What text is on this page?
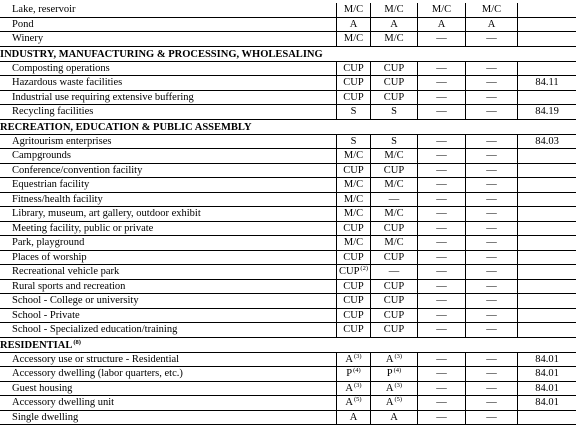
Lake, reservoir	M/C	M/C	M/C	M/C
Pond	A	A	A	A
Winery	M/C	M/C	—	—
INDUSTRY, MANUFACTURING & PROCESSING, WHOLESALING
Composting operations	CUP	CUP	—	—
Hazardous waste facilities	CUP	CUP	—	—	84.11
Industrial use requiring extensive buffering	CUP	CUP	—	—
Recycling facilities	S	S	—	—	84.19
RECREATION, EDUCATION & PUBLIC ASSEMBLY
Agritourism enterprises	S	S	—	—	84.03
Campgrounds	M/C	M/C	—	—
Conference/convention facility	CUP	CUP	—	—
Equestrian facility	M/C	M/C	—	—
Fitness/health facility	M/C	—	—	—
Library, museum, art gallery, outdoor exhibit	M/C	M/C	—	—
Meeting facility, public or private	CUP	CUP	—	—
Park, playground	M/C	M/C	—	—
Places of worship	CUP	CUP	—	—
Recreational vehicle park	CUP$^{(2)}$	—	—	—
Rural sports and recreation	CUP	CUP	—	—
School - College or university	CUP	CUP	—	—
School - Private	CUP	CUP	—	—
School - Specialized education/training	CUP	CUP	—	—
RESIDENTIAL$^{(8)}$
Accessory use or structure - Residential	$A^{(3)}$	$A^{(3)}$	—	—	84.01
Accessory dwelling (labor quarters, etc.)	$P^{(4)}$	$P^{(4)}$	—	—	84.01
Guest housing	$A^{(3)}$	$A^{(3)}$	—	—	84.01
Accessory dwelling unit	$A^{(5)}$	$A^{(5)}$	—	—	84.01
Single dwelling	A	A	—	—
